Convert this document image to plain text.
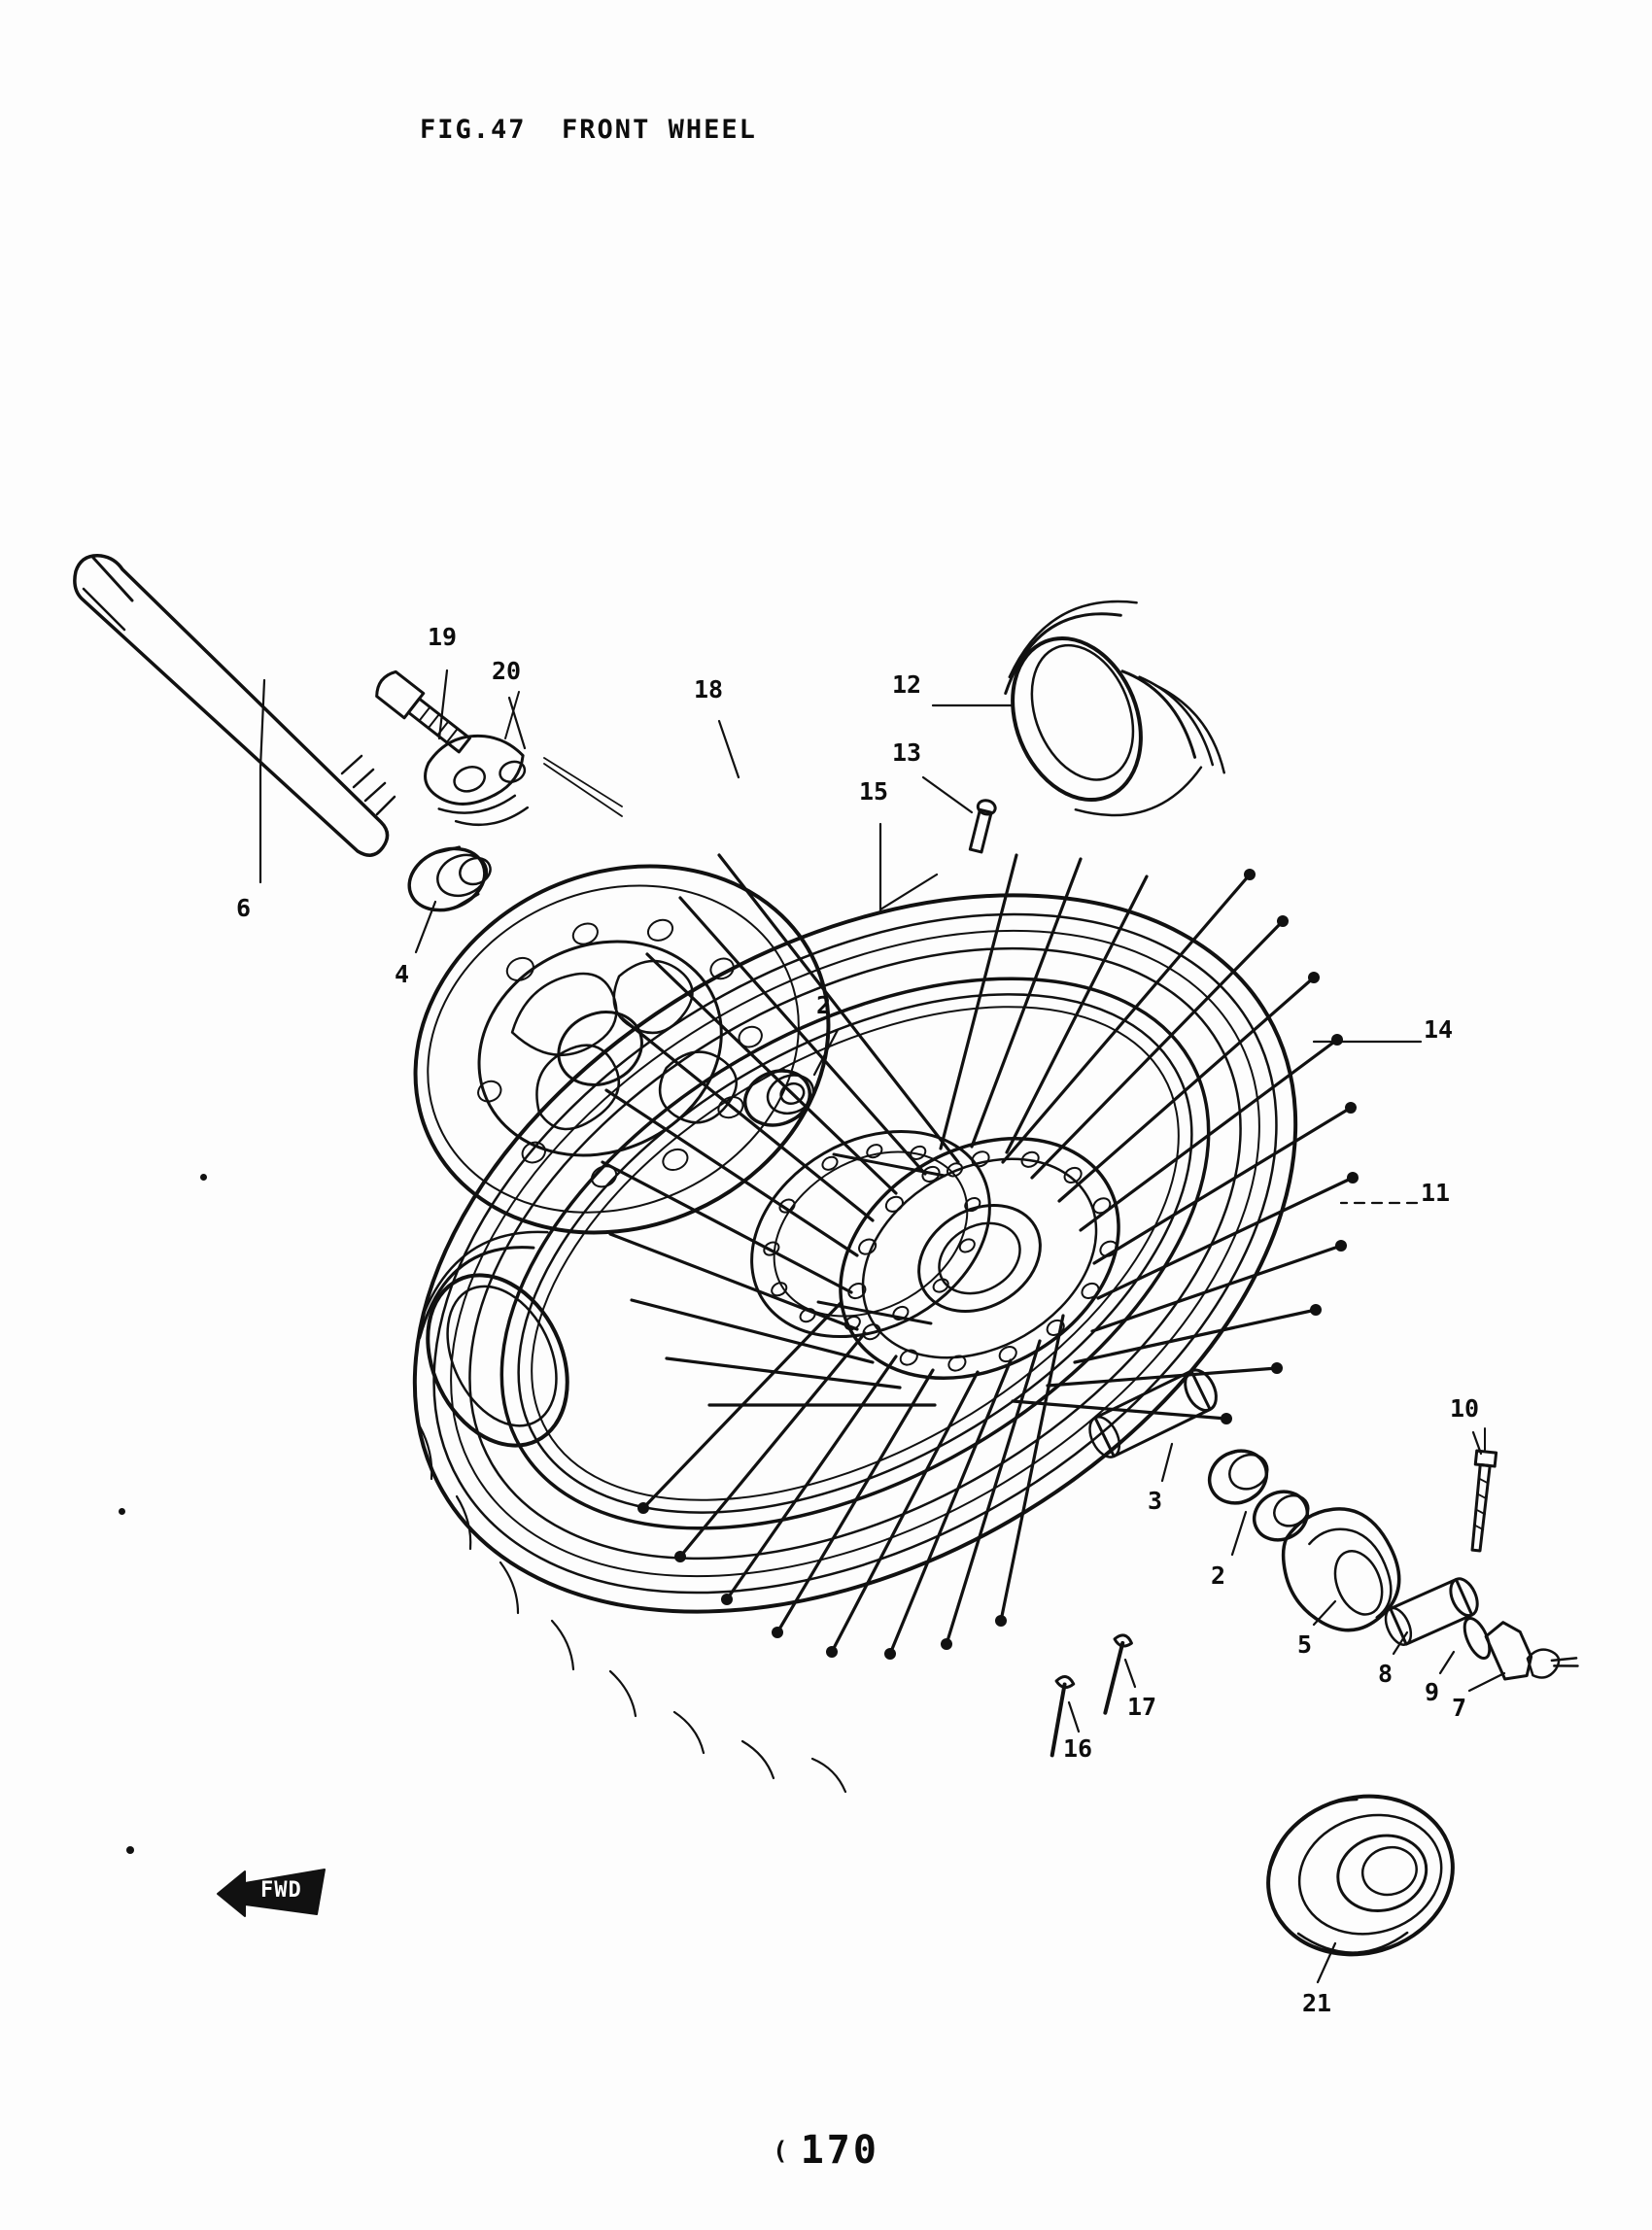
FIG.47  FRONT WHEEL
6
19
20
4
18
2
15
13
12
14
11
3
2
5
8
9
7
10
16
17
21
FWD
( 170
